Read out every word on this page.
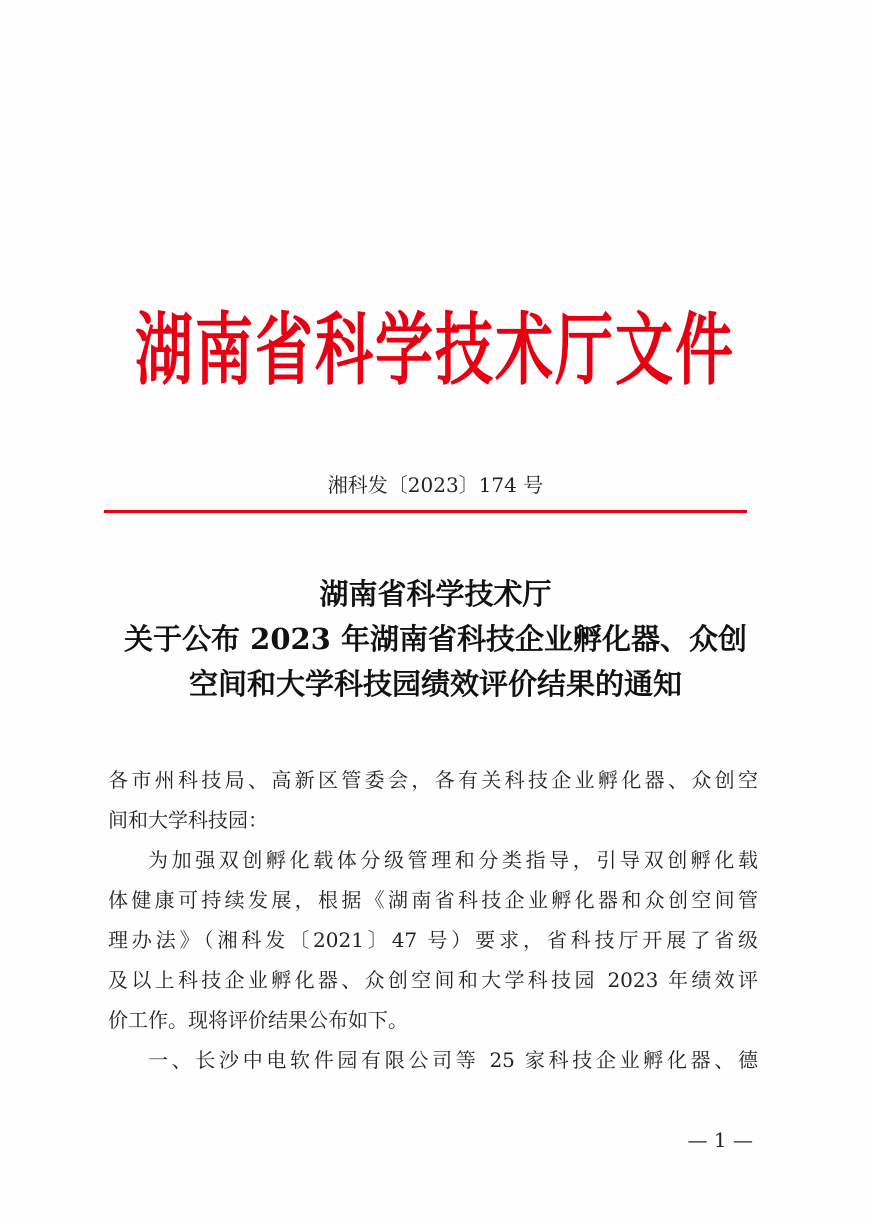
湖南省科学技术厅文件
湘科发〔2023〕174 号
湖南省科学技术厅
关于公布 2023 年湖南省科技企业孵化器、众创
空间和大学科技园绩效评价结果的通知
各市州科技局、高新区管委会，各有关科技企业孵化器、众创空
间和大学科技园：
为加强双创孵化载体分级管理和分类指导，引导双创孵化载
体健康可持续发展，根据《湖南省科技企业孵化器和众创空间管
理办法》（湘科发〔2021〕47 号）要求，省科技厅开展了省级
及以上科技企业孵化器、众创空间和大学科技园 2023 年绩效评
价工作。现将评价结果公布如下。
一、长沙中电软件园有限公司等 25 家科技企业孵化器、德
— 1 —
